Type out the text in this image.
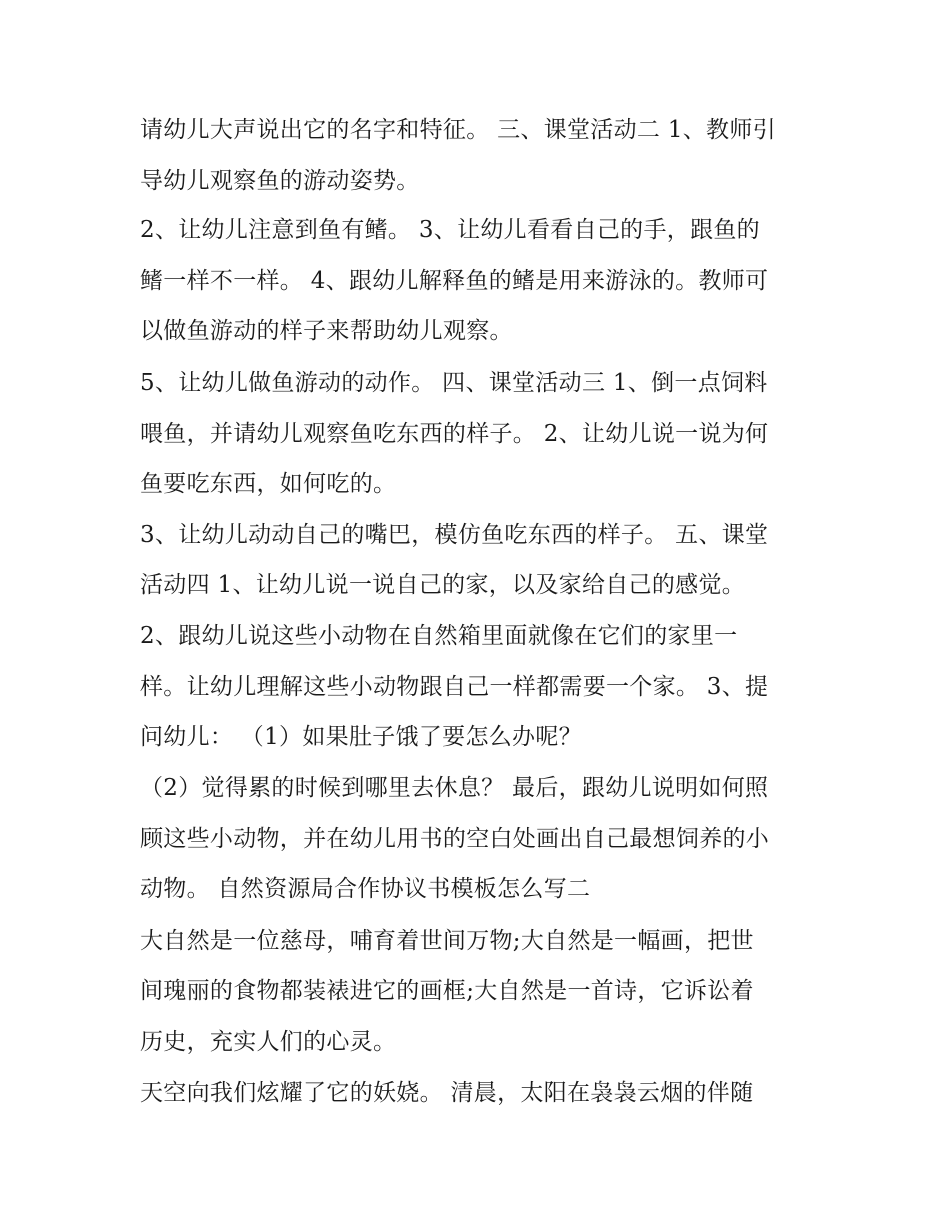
请幼儿大声说出它的名字和特征。 三、课堂活动二 1、教师引
导幼儿观察鱼的游动姿势。
2、让幼儿注意到鱼有鳍。 3、让幼儿看看自己的手，跟鱼的
鳍一样不一样。 4、跟幼儿解释鱼的鳍是用来游泳的。教师可
以做鱼游动的样子来帮助幼儿观察。
5、让幼儿做鱼游动的动作。 四、课堂活动三 1、倒一点饲料
喂鱼，并请幼儿观察鱼吃东西的样子。 2、让幼儿说一说为何
鱼要吃东西，如何吃的。
3、让幼儿动动自己的嘴巴，模仿鱼吃东西的样子。 五、课堂
活动四 1、让幼儿说一说自己的家，以及家给自己的感觉。
2、跟幼儿说这些小动物在自然箱里面就像在它们的家里一
样。让幼儿理解这些小动物跟自己一样都需要一个家。 3、提
问幼儿： （1）如果肚子饿了要怎么办呢？
（2）觉得累的时候到哪里去休息？ 最后，跟幼儿说明如何照
顾这些小动物，并在幼儿用书的空白处画出自己最想饲养的小
动物。 自然资源局合作协议书模板怎么写二
大自然是一位慈母，哺育着世间万物;大自然是一幅画，把世
间瑰丽的食物都装裱进它的画框;大自然是一首诗，它诉讼着
历史，充实人们的心灵。
天空向我们炫耀了它的妖娆。 清晨，太阳在袅袅云烟的伴随
